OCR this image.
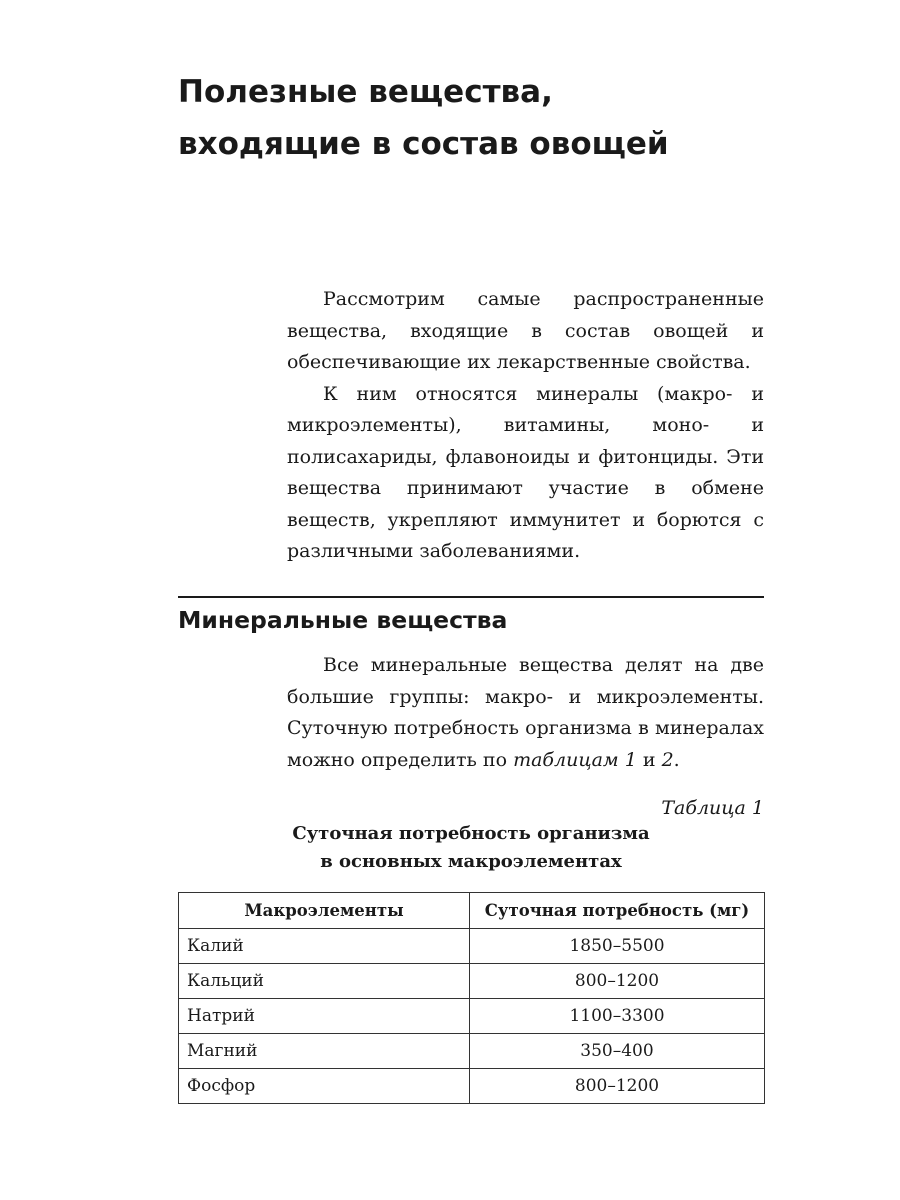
Полезные вещества,
входящие в состав овощей

Рассмотрим самые распространенные вещества, входящие в состав овощей и обеспечивающие их лекарственные свойства.

К ним относятся минералы (макро- и микроэлементы), витамины, моно- и полисахариды, флавоноиды и фитонциды. Эти вещества принимают участие в обмене веществ, укрепляют иммунитет и борются с различными заболеваниями.

Минеральные вещества

Все минеральные вещества делят на две большие группы: макро- и микроэлементы. Суточную потребность организма в минералах можно определить по таблицам 1 и 2.

Таблица 1
Суточная потребность организма
в основных макроэлементах
Макроэлементы	Суточная потребность (мг)
Калий	1850–5500
Кальций	800–1200
Натрий	1100–3300
Магний	350–400
Фосфор	800–1200
